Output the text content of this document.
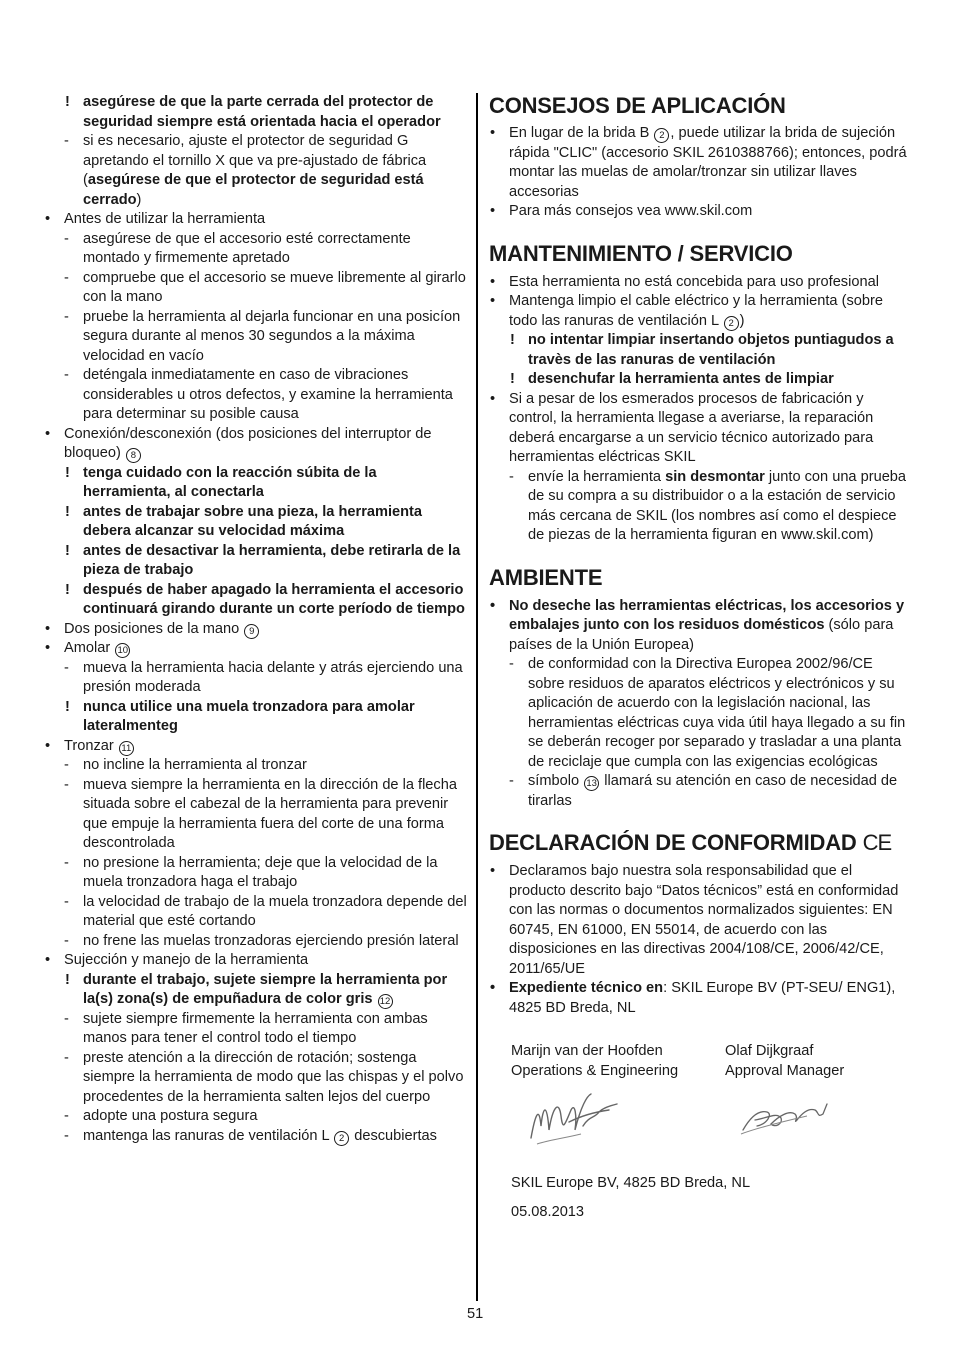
! asegúrese de que la parte cerrada del protector de seguridad siempre está orientada hacia el operador
- si es necesario, ajuste el protector de seguridad G apretando el tornillo X que va pre-ajustado de fábrica (asegúrese de que el protector de seguridad está cerrado)
• Antes de utilizar la herramienta
- asegúrese de que el accesorio esté correctamente montado y firmemente apretado
- compruebe que el accesorio se mueve libremente al girarlo con la mano
- pruebe la herramienta al dejarla funcionar en una posicíon segura durante al menos 30 segundos a la máxima velocidad en vacío
- deténgala inmediatamente en caso de vibraciones considerables u otros defectos, y examine la herramienta para determinar su posible causa
• Conexión/desconexión (dos posiciones del interruptor de bloqueo) 8
! tenga cuidado con la reacción súbita de la herramienta, al conectarla
! antes de trabajar sobre una pieza, la herramienta debera alcanzar su velocidad máxima
! antes de desactivar la herramienta, debe retirarla de la pieza de trabajo
! después de haber apagado la herramienta el accesorio continuará girando durante un corte período de tiempo
• Dos posiciones de la mano 9
• Amolar 10
- mueva la herramienta hacia delante y atrás ejerciendo una presión moderada
! nunca utilice una muela tronzadora para amolar lateralmenteg
• Tronzar 11
- no incline la herramienta al tronzar
- mueva siempre la herramienta en la dirección de la flecha situada sobre el cabezal de la herramienta para prevenir que empuje la herramienta fuera del corte de una forma descontrolada
- no presione la herramienta; deje que la velocidad de la muela tronzadora haga el trabajo
- la velocidad de trabajo de la muela tronzadora depende del material que esté cortando
- no frene las muelas tronzadoras ejerciendo presión lateral
• Sujección y manejo de la herramienta
! durante el trabajo, sujete siempre la herramienta por la(s) zona(s) de empuñadura de color gris 12
- sujete siempre firmemente la herramienta con ambas manos para tener el control todo el tiempo
- preste atención a la dirección de rotación; sostenga siempre la herramienta de modo que las chispas y el polvo procedentes de la herramienta salten lejos del cuerpo
- adopte una postura segura
- mantenga las ranuras de ventilación L 2 descubiertas
CONSEJOS DE APLICACIÓN
• En lugar de la brida B 2 , puede utilizar la brida de sujeción rápida "CLIC" (accesorio SKIL 2610388766); entonces, podrá montar las muelas de amolar/tronzar sin utilizar llaves accesorias
• Para más consejos vea www.skil.com
MANTENIMIENTO / SERVICIO
• Esta herramienta no está concebida para uso profesional
• Mantenga limpio el cable eléctrico y la herramienta (sobre todo las ranuras de ventilación L 2 )
! no intentar limpiar insertando objetos puntiagudos a travès de las ranuras de ventilación
! desenchufar la herramienta antes de limpiar
• Si a pesar de los esmerados procesos de fabricación y control, la herramienta llegase a averiarse, la reparación deberá encargarse a un servicio técnico autorizado para herramientas eléctricas SKIL
- envíe la herramienta sin desmontar junto con una prueba de su compra a su distribuidor o a la estación de servicio más cercana de SKIL (los nombres así como el despiece de piezas de la herramienta figuran en www.skil.com)
AMBIENTE
• No deseche las herramientas eléctricas, los accesorios y embalajes junto con los residuos domésticos (sólo para países de la Unión Europea)
- de conformidad con la Directiva Europea 2002/96/CE sobre residuos de aparatos eléctricos y electrónicos y su aplicación de acuerdo con la legislación nacional, las herramientas eléctricas cuya vida útil haya llegado a su fin se deberán recoger por separado y trasladar a una planta de reciclaje que cumpla con las exigencias ecológicas
- símbolo 13 llamará su atención en caso de necesidad de tirarlas
DECLARACIÓN DE CONFORMIDAD CE
• Declaramos bajo nuestra sola responsabilidad que el producto descrito bajo “Datos técnicos” está en conformidad con las normas o documentos normalizados siguientes: EN 60745, EN 61000, EN 55014, de acuerdo con las disposiciones en las directivas 2004/108/CE, 2006/42/CE, 2011/65/UE
• Expediente técnico en: SKIL Europe BV (PT-SEU/ ENG1), 4825 BD Breda, NL
Marijn van der Hoofden
Operations & Engineering
Olaf Dijkgraaf
Approval Manager
SKIL Europe BV, 4825 BD Breda, NL
05.08.2013
51
